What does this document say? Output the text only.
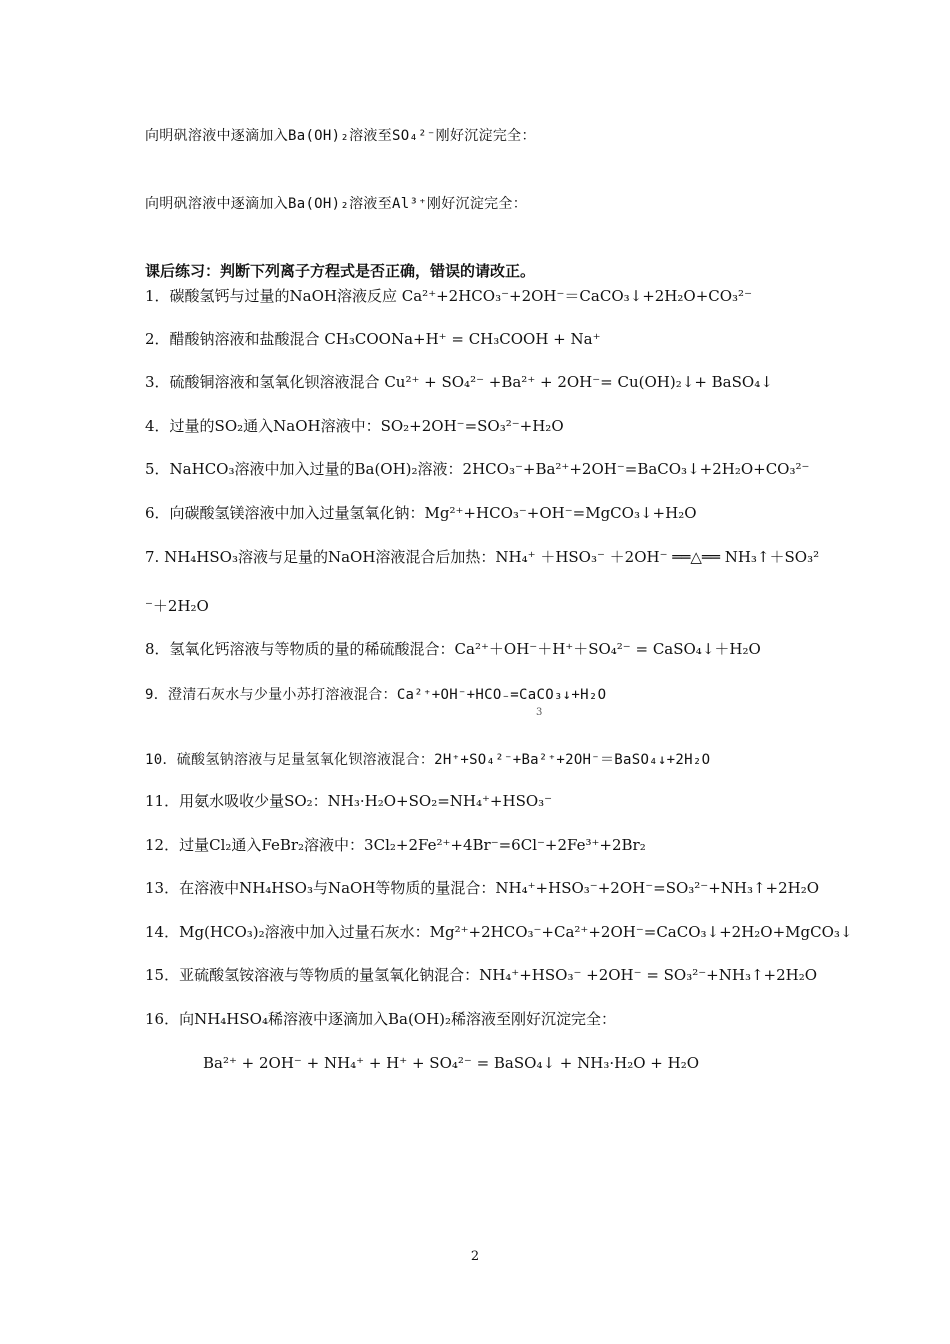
向明矾溶液中逐滴加入Ba(OH)₂溶液至SO₄²⁻刚好沉淀完全：
向明矾溶液中逐滴加入Ba(OH)₂溶液至Al³⁺刚好沉淀完全：
课后练习：判断下列离子方程式是否正确，错误的请改正。
1．碳酸氢钙与过量的NaOH溶液反应 Ca²⁺+2HCO₃⁻+2OH⁻＝CaCO₃↓+2H₂O+CO₃²⁻
2．醋酸钠溶液和盐酸混合 CH₃COONa+H⁺ = CH₃COOH + Na⁺
3．硫酸铜溶液和氢氧化钡溶液混合 Cu²⁺ + SO₄²⁻ +Ba²⁺ + 2OH⁻= Cu(OH)₂↓+ BaSO₄↓
4．过量的SO₂通入NaOH溶液中：SO₂+2OH⁻=SO₃²⁻+H₂O
5．NaHCO₃溶液中加入过量的Ba(OH)₂溶液：2HCO₃⁻+Ba²⁺+2OH⁻=BaCO₃↓+2H₂O+CO₃²⁻
6．向碳酸氢镁溶液中加入过量氢氧化钠：Mg²⁺+HCO₃⁻+OH⁻=MgCO₃↓+H₂O
7. NH₄HSO₃溶液与足量的NaOH溶液混合后加热：NH₄⁺ ＋HSO₃⁻ ＋2OH⁻ ══△══ NH₃↑＋SO₃²
⁻＋2H₂O
8．氢氧化钙溶液与等物质的量的稀硫酸混合：Ca²⁺＋OH⁻＋H⁺＋SO₄²⁻ = CaSO₄↓＋H₂O
9．澄清石灰水与少量小苏打溶液混合：Ca²⁺+OH⁻+HCO₋=CaCO₃↓+H₂O
3
10．硫酸氢钠溶液与足量氢氧化钡溶液混合：2H⁺+SO₄²⁻+Ba²⁺+2OH⁻＝BaSO₄↓+2H₂O
11．用氨水吸收少量SO₂：NH₃·H₂O+SO₂=NH₄⁺+HSO₃⁻
12．过量Cl₂通入FeBr₂溶液中：3Cl₂+2Fe²⁺+4Br⁻=6Cl⁻+2Fe³⁺+2Br₂
13．在溶液中NH₄HSO₃与NaOH等物质的量混合：NH₄⁺+HSO₃⁻+2OH⁻=SO₃²⁻+NH₃↑+2H₂O
14．Mg(HCO₃)₂溶液中加入过量石灰水：Mg²⁺+2HCO₃⁻+Ca²⁺+2OH⁻=CaCO₃↓+2H₂O+MgCO₃↓
15．亚硫酸氢铵溶液与等物质的量氢氧化钠混合：NH₄⁺+HSO₃⁻ +2OH⁻ = SO₃²⁻+NH₃↑+2H₂O
16．向NH₄HSO₄稀溶液中逐滴加入Ba(OH)₂稀溶液至刚好沉淀完全：
Ba²⁺ + 2OH⁻ + NH₄⁺ + H⁺ + SO₄²⁻ = BaSO₄↓ + NH₃·H₂O + H₂O
2
